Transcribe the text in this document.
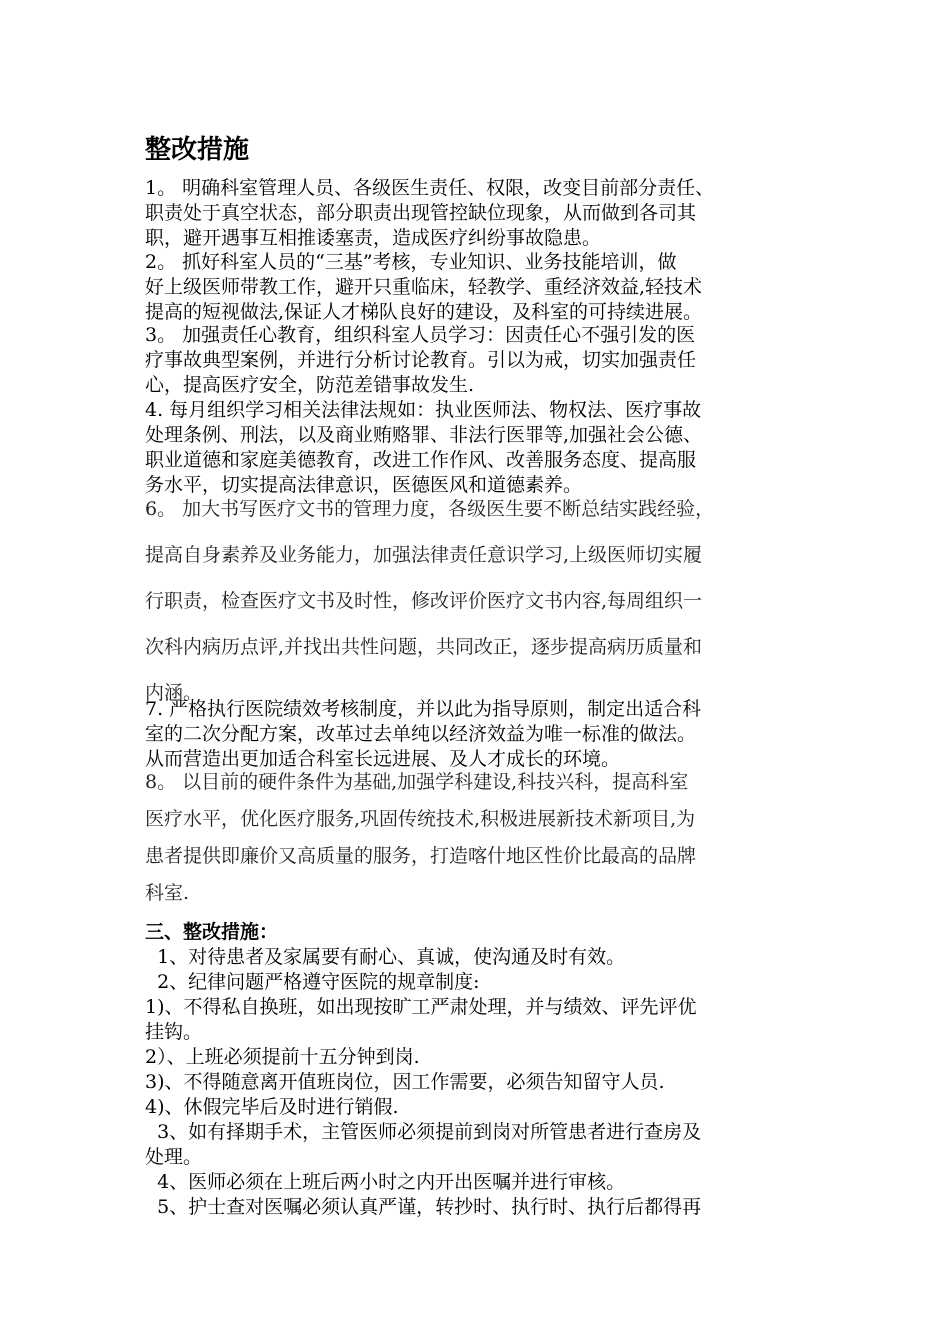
整改措施
1。 明确科室管理人员、各级医生责任、权限，改变目前部分责任、
职责处于真空状态，部分职责出现管控缺位现象，从而做到各司其
职，避开遇事互相推诿塞责，造成医疗纠纷事故隐患。
2。 抓好科室人员的“三基”考核，专业知识、业务技能培训，做
好上级医师带教工作，避开只重临床，轻教学、重经济效益,轻技术
提高的短视做法,保证人才梯队良好的建设，及科室的可持续进展。
3。 加强责任心教育，组织科室人员学习：因责任心不强引发的医
疗事故典型案例，并进行分析讨论教育。引以为戒，切实加强责任
心，提高医疗安全，防范差错事故发生.
4. 每月组织学习相关法律法规如：执业医师法、物权法、医疗事故
处理条例、刑法，以及商业贿赂罪、非法行医罪等,加强社会公德、
职业道德和家庭美德教育，改进工作作风、改善服务态度、提高服
务水平，切实提高法律意识，医德医风和道德素养。
6。 加大书写医疗文书的管理力度，各级医生要不断总结实践经验，
提高自身素养及业务能力，加强法律责任意识学习,上级医师切实履
行职责，检查医疗文书及时性，修改评价医疗文书内容,每周组织一
次科内病历点评,并找出共性问题，共同改正，逐步提高病历质量和
内涵。
7. 严格执行医院绩效考核制度，并以此为指导原则，制定出适合科
室的二次分配方案，改革过去单纯以经济效益为唯一标准的做法。
从而营造出更加适合科室长远进展、及人才成长的环境。
8。 以目前的硬件条件为基础,加强学科建设,科技兴科，提高科室
医疗水平，优化医疗服务,巩固传统技术,积极进展新技术新项目,为
患者提供即廉价又高质量的服务，打造喀什地区性价比最高的品牌
科室.
三、整改措施：
1、对待患者及家属要有耐心、真诚，使沟通及时有效。
2、纪律问题严格遵守医院的规章制度:
1)、不得私自换班，如出现按旷工严肃处理，并与绩效、评先评优
挂钩。
2）、上班必须提前十五分钟到岗.
3)、不得随意离开值班岗位，因工作需要，必须告知留守人员.
4)、休假完毕后及时进行销假.
3、如有择期手术，主管医师必须提前到岗对所管患者进行查房及
处理。
4、医师必须在上班后两小时之内开出医嘱并进行审核。
5、护士查对医嘱必须认真严谨，转抄时、执行时、执行后都得再
